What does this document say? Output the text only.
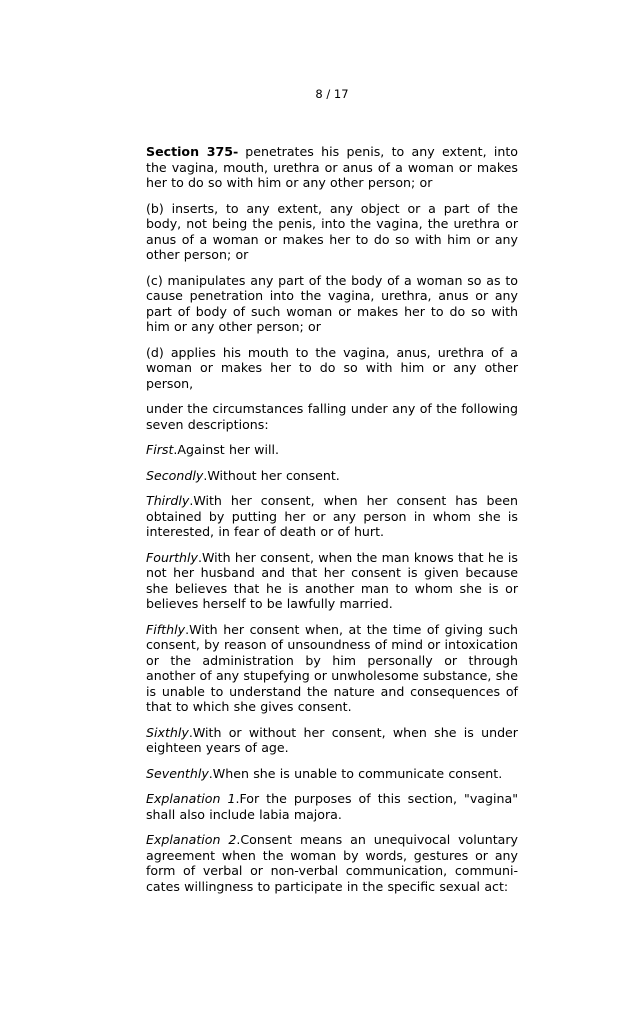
8 / 17

Section 375- penetrates his penis, to any extent, into the vagina, mouth, urethra or anus of a woman or makes her to do so with him or any other person; or

(b) inserts, to any extent, any object or a part of the body, not being the penis, into the vagina, the urethra or anus of a woman or makes her to do so with him or any other person; or

(c) manipulates any part of the body of a woman so as to cause penetration into the vagina, urethra, anus or any part of body of such woman or makes her to do so with him or any other person; or

(d) applies his mouth to the vagina, anus, urethra of a woman or makes her to do so with him or any other person,

under the circumstances falling under any of the following seven descriptions:

First.Against her will.

Secondly.Without her consent.

Thirdly.With her consent, when her consent has been obtained by putting her or any person in whom she is interested, in fear of death or of hurt.

Fourthly.With her consent, when the man knows that he is not her husband and that her consent is given because she believes that he is another man to whom she is or believes herself to be lawfully married.

Fifthly.With her consent when, at the time of giving such consent, by reason of unsoundness of mind or intoxication or the administration by him personally or through another of any stupefying or unwholesome substance, she is unable to understand the nature and consequences of that to which she gives consent.

Sixthly.With or without her consent, when she is under eighteen years of age.

Seventhly.When she is unable to communicate consent.

Explanation 1.For the purposes of this section, "vagina" shall also include labia majora.

Explanation 2.Consent means an unequivocal voluntary agreement when the woman by words, gestures or any form of verbal or non-verbal communication, communicates willingness to participate in the specific sexual act:
